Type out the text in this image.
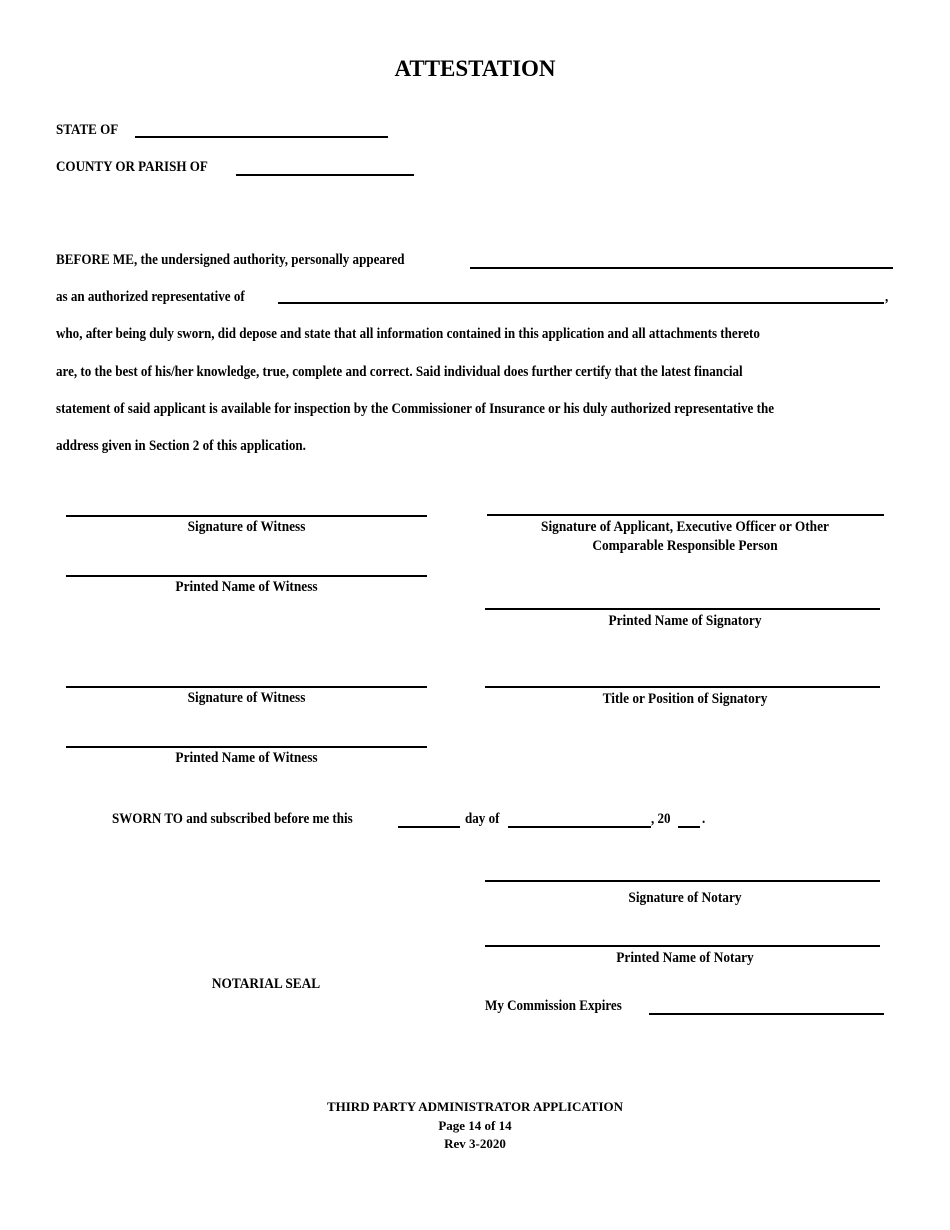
ATTESTATION
STATE OF
COUNTY OR PARISH OF
BEFORE ME, the undersigned authority, personally appeared
as an authorized representative of	,
who, after being duly sworn, did depose and state that all information contained in this application and all attachments thereto
are, to the best of his/her knowledge, true, complete and correct. Said individual does further certify that the latest financial
statement of said applicant is available for inspection by the Commissioner of Insurance or his duly authorized representative the
address given in Section 2 of this application.
Signature of Witness
Printed Name of Witness
Signature of Witness
Printed Name of Witness
Signature of Applicant, Executive Officer or Other
Comparable Responsible Person
Printed Name of Signatory
Title or Position of Signatory
SWORN TO and subscribed before me this	day of	, 20 .
Signature of Notary
Printed Name of Notary
NOTARIAL SEAL
My Commission Expires
THIRD PARTY ADMINISTRATOR APPLICATION
Page 14 of 14
Rev 3-2020
